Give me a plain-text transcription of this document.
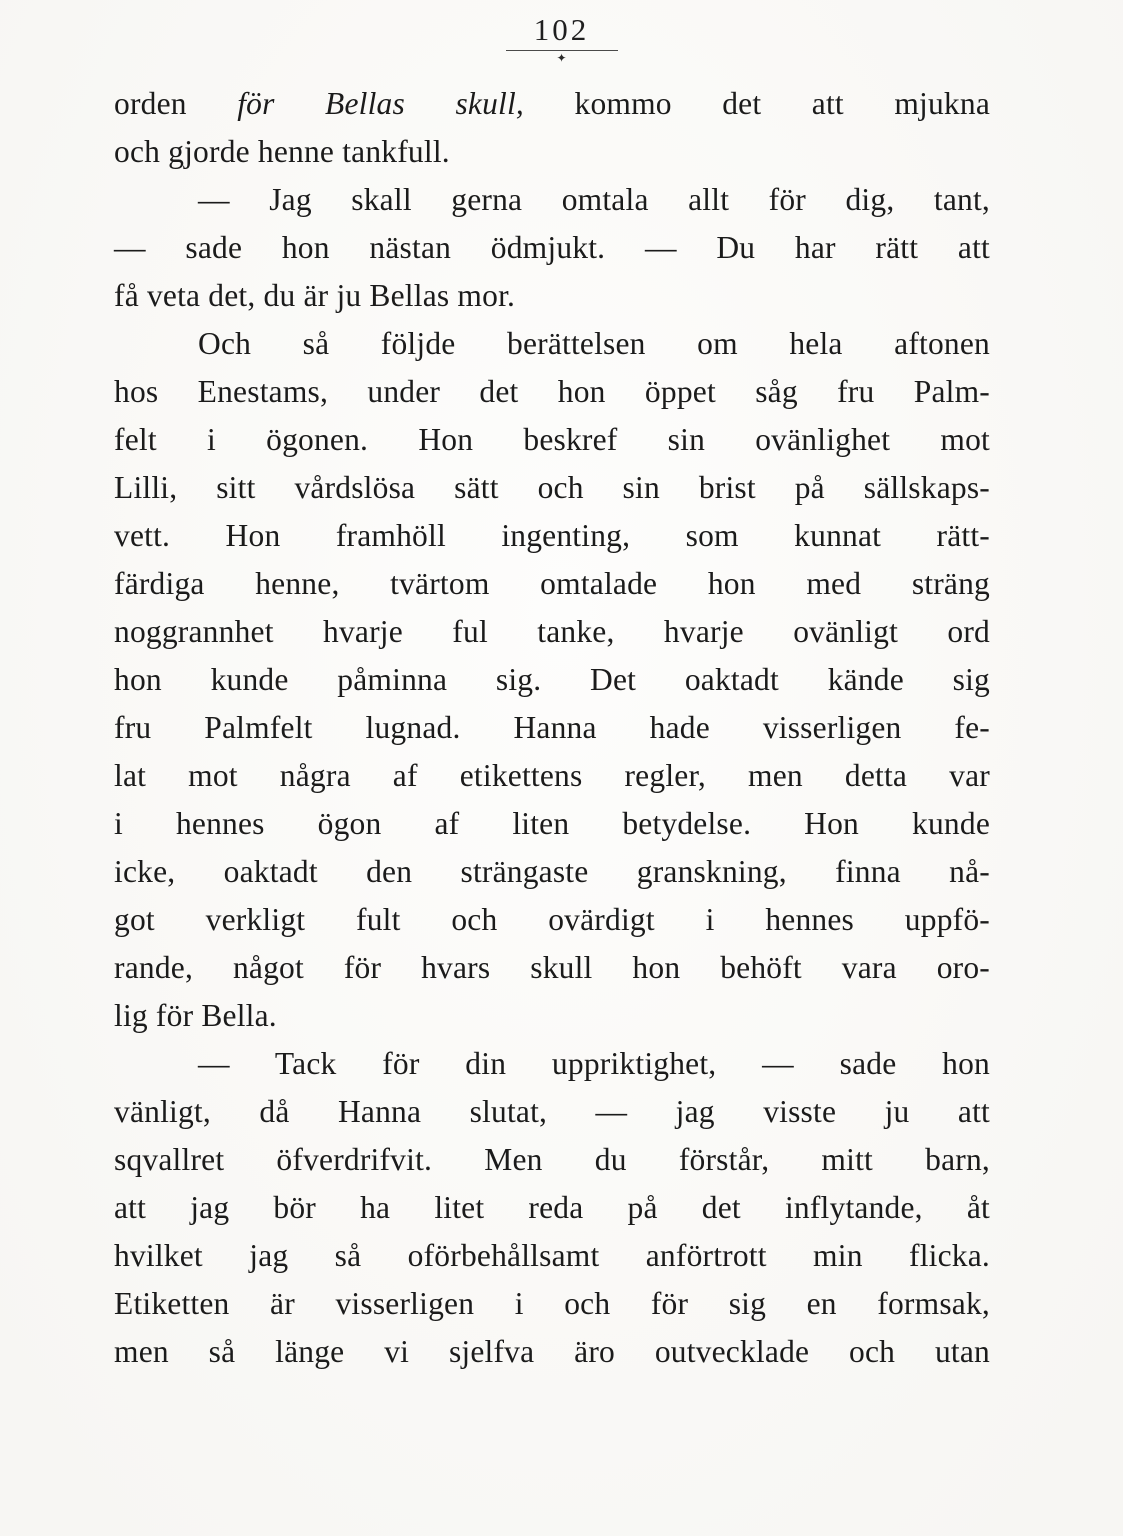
102
✦
orden för Bellas skull, kommo det att mjukna
och gjorde henne tankfull.
— Jag skall gerna omtala allt för dig, tant,
— sade hon nästan ödmjukt. — Du har rätt att
få veta det, du är ju Bellas mor.
Och så följde berättelsen om hela aftonen
hos Enestams, under det hon öppet såg fru Palm-
felt i ögonen. Hon beskref sin ovänlighet mot
Lilli, sitt vårdslösa sätt och sin brist på sällskaps-
vett. Hon framhöll ingenting, som kunnat rätt-
färdiga henne, tvärtom omtalade hon med sträng
noggrannhet hvarje ful tanke, hvarje ovänligt ord
hon kunde påminna sig. Det oaktadt kände sig
fru Palmfelt lugnad. Hanna hade visserligen fe-
lat mot några af etikettens regler, men detta var
i hennes ögon af liten betydelse. Hon kunde
icke, oaktadt den strängaste granskning, finna nå-
got verkligt fult och ovärdigt i hennes uppfö-
rande, något för hvars skull hon behöft vara oro-
lig för Bella.
— Tack för din uppriktighet, — sade hon
vänligt, då Hanna slutat, — jag visste ju att
sqvallret öfverdrifvit. Men du förstår, mitt barn,
att jag bör ha litet reda på det inflytande, åt
hvilket jag så oförbehållsamt anförtrott min flicka.
Etiketten är visserligen i och för sig en formsak,
men så länge vi sjelfva äro outvecklade och utan
